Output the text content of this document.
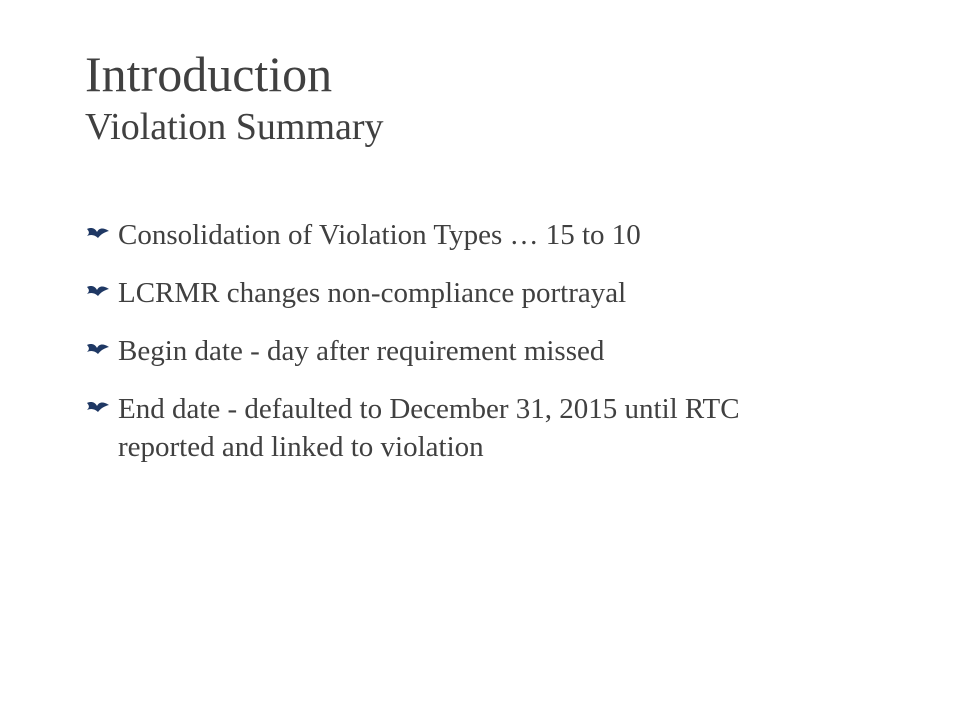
Introduction
Violation Summary
Consolidation of Violation Types … 15 to 10
LCRMR changes non-compliance portrayal
Begin date - day after requirement missed
End date - defaulted to December 31, 2015 until RTC reported and linked to violation
